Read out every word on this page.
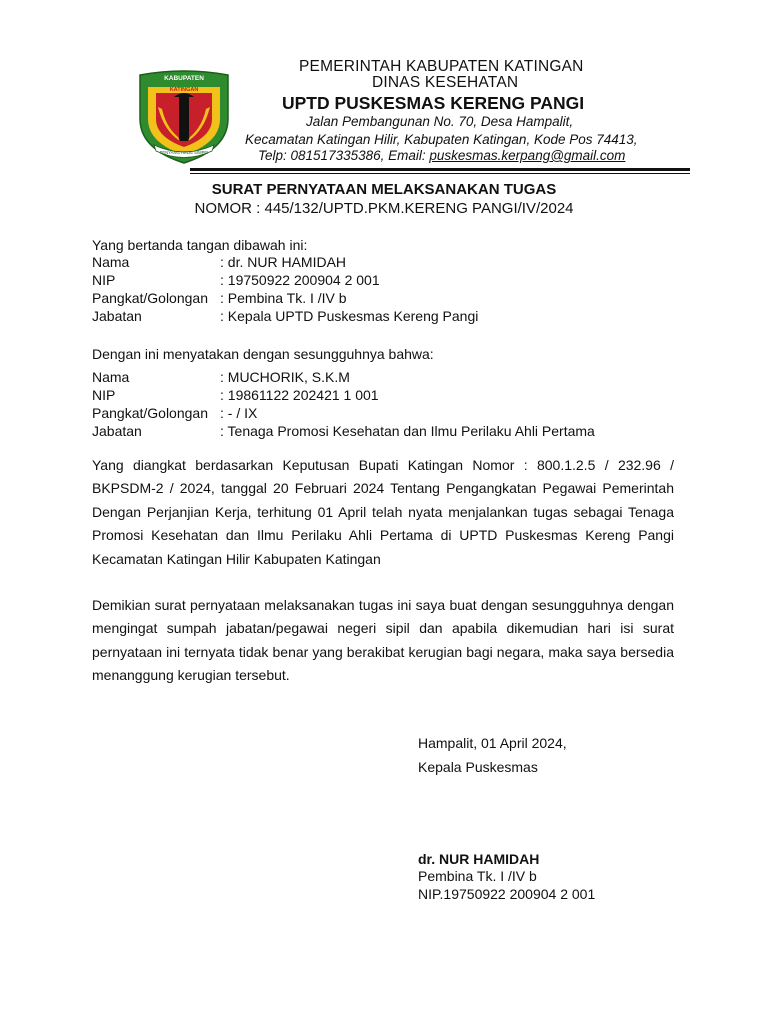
KABUPATEN
KATINGAN
PENYANG HINJE SIMPEI
PEMERINTAH KABUPATEN KATINGAN
DINAS KESEHATAN
UPTD PUSKESMAS KERENG PANGI
Jalan Pembangunan No. 70, Desa Hampalit,
Kecamatan Katingan Hilir, Kabupaten Katingan, Kode Pos 74413,
Telp: 081517335386, Email: puskesmas.kerpang@gmail.com
SURAT PERNYATAAN MELAKSANAKAN TUGAS
NOMOR : 445/132/UPTD.PKM.KERENG PANGI/IV/2024
Yang bertanda tangan dibawah ini:
Nama	: dr. NUR HAMIDAH
NIP	: 19750922 200904 2 001
Pangkat/Golongan : Pembina Tk. I /IV b
Jabatan	: Kepala UPTD Puskesmas Kereng Pangi
Dengan ini menyatakan dengan sesungguhnya bahwa:
Nama	: MUCHORIK, S.K.M
NIP	: 19861122 202421 1 001
Pangkat/Golongan : - / IX
Jabatan	: Tenaga Promosi Kesehatan dan Ilmu Perilaku Ahli Pertama
Yang diangkat berdasarkan Keputusan Bupati Katingan Nomor : 800.1.2.5 / 232.96 / BKPSDM-2 / 2024, tanggal 20 Februari 2024 Tentang Pengangkatan Pegawai Pemerintah Dengan Perjanjian Kerja, terhitung 01 April telah nyata menjalankan tugas sebagai Tenaga Promosi Kesehatan dan Ilmu Perilaku Ahli Pertama di UPTD Puskesmas Kereng Pangi Kecamatan Katingan Hilir Kabupaten Katingan
Demikian surat pernyataan melaksanakan tugas ini saya buat dengan sesungguhnya dengan mengingat sumpah jabatan/pegawai negeri sipil dan apabila dikemudian hari isi surat pernyataan ini ternyata tidak benar yang berakibat kerugian bagi negara, maka saya bersedia menanggung kerugian tersebut.
Hampalit, 01 April 2024,
Kepala Puskesmas
dr. NUR HAMIDAH
Pembina Tk. I /IV b
NIP.19750922 200904 2 001
